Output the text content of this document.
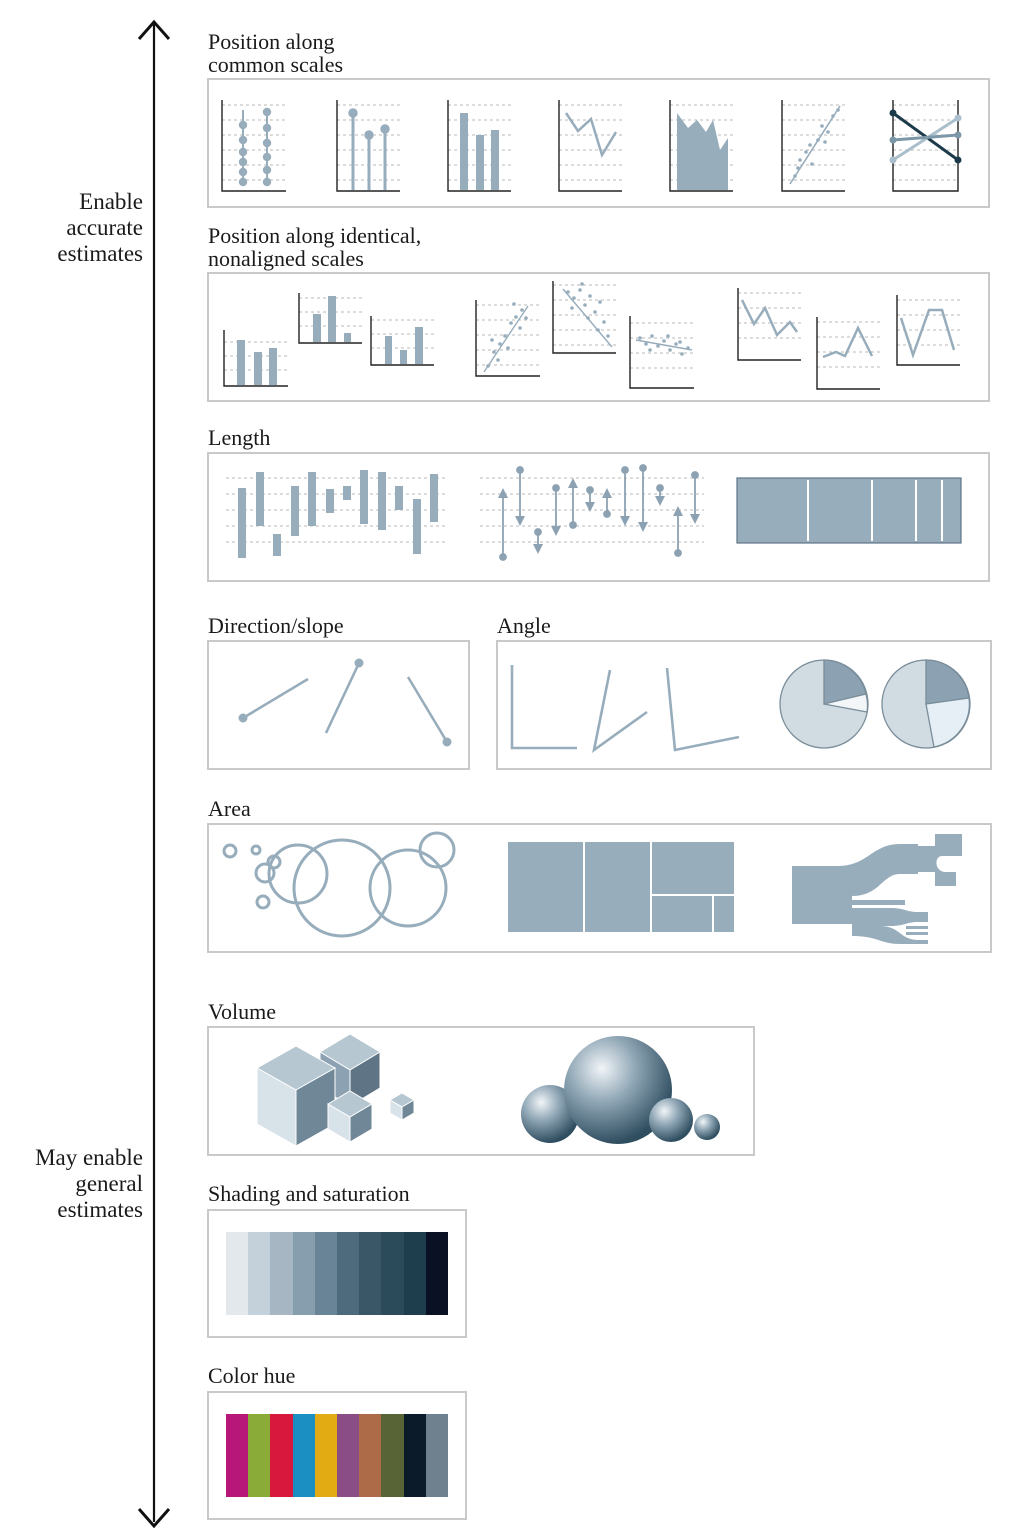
Enable
accurate
estimates
May enable
general
estimates
Position along
common scales
Position along identical,
nonaligned scales
Length
Direction/slope	Angle
Area
Volume
Shading and saturation
Color hue
